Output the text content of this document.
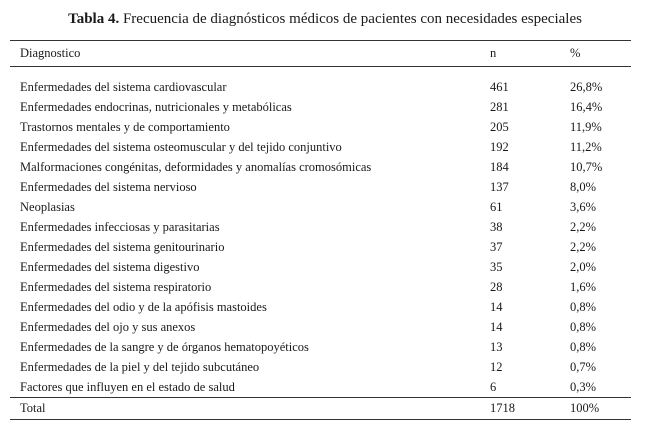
Tabla 4. Frecuencia de diagnósticos médicos de pacientes con necesidades especiales
Diagnostico	n	%
Enfermedades del sistema cardiovascular	461	26,8%
Enfermedades endocrinas, nutricionales y metabólicas	281	16,4%
Trastornos mentales y de comportamiento	205	11,9%
Enfermedades del sistema osteomuscular y del tejido conjuntivo	192	11,2%
Malformaciones congénitas, deformidades y anomalías cromosómicas	184	10,7%
Enfermedades del sistema nervioso	137	8,0%
Neoplasias	61	3,6%
Enfermedades infecciosas y parasitarias	38	2,2%
Enfermedades del sistema genitourinario	37	2,2%
Enfermedades del sistema digestivo	35	2,0%
Enfermedades del sistema respiratorio	28	1,6%
Enfermedades del odio y de la apófisis mastoides	14	0,8%
Enfermedades del ojo y sus anexos	14	0,8%
Enfermedades de la sangre y de órganos hematopoyéticos	13	0,8%
Enfermedades de la piel y del tejido subcutáneo	12	0,7%
Factores que influyen en el estado de salud	6	0,3%
Total	1718	100%
